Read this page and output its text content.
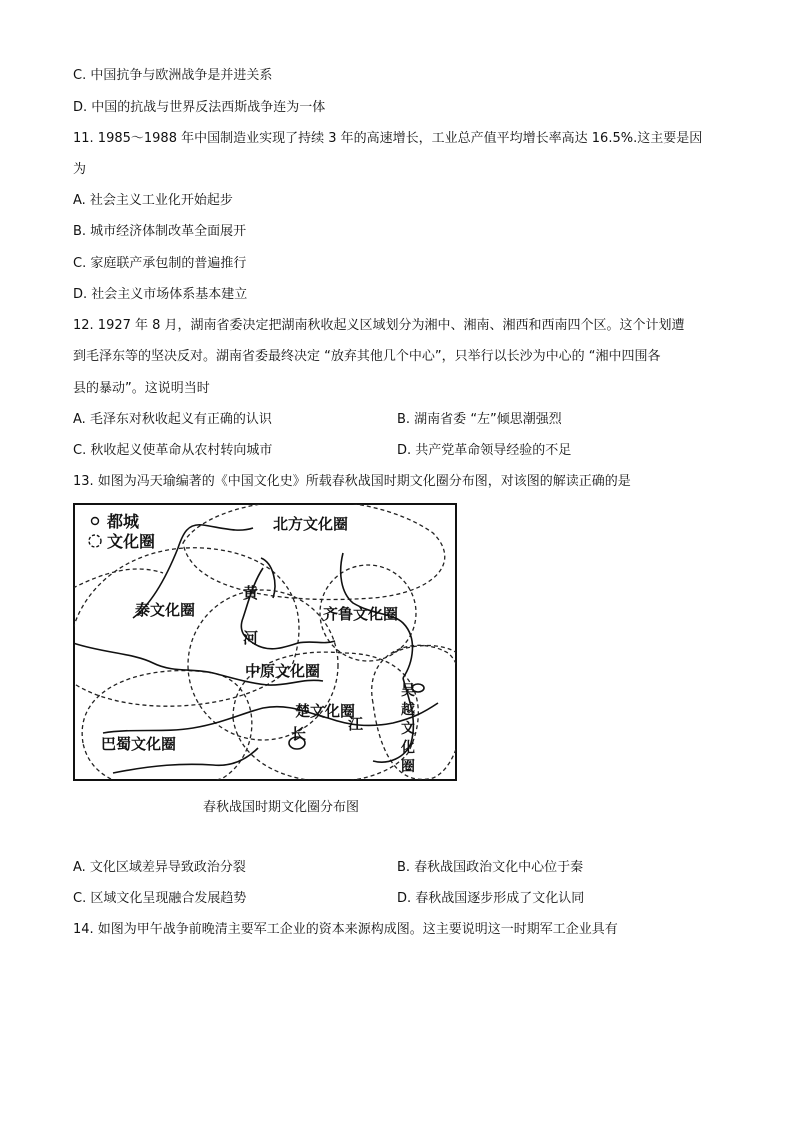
C. 中国抗争与欧洲战争是并进关系
D. 中国的抗战与世界反法西斯战争连为一体
11. 1985～1988 年中国制造业实现了持续 3 年的高速增长，工业总产值平均增长率高达 16.5%.这主要是因
为
A. 社会主义工业化开始起步
B. 城市经济体制改革全面展开
C. 家庭联产承包制的普遍推行
D. 社会主义市场体系基本建立
12. 1927 年 8 月，湖南省委决定把湖南秋收起义区域划分为湘中、湘南、湘西和西南四个区。这个计划遭
到毛泽东等的坚决反对。湖南省委最终决定 “放弃其他几个中心”，只举行以长沙为中心的 “湘中四围各
县的暴动”。这说明当时
A. 毛泽东对秋收起义有正确的认识	B. 湖南省委 “左”倾思潮强烈
C. 秋收起义使革命从农村转向城市	D. 共产党革命领导经验的不足
13. 如图为冯天瑜编著的《中国文化史》所载春秋战国时期文化圈分布图，对该图的解读正确的是
都城
文化圈
北方文化圈
泰文化圈	齐鲁文化圈
中原文化圈
楚文化圈
巴蜀文化圈
黄
河
江
长
吴
越
文
化
圈
春秋战国时期文化圈分布图
A. 文化区域差异导致政治分裂	B. 春秋战国政治文化中心位于秦
C. 区域文化呈现融合发展趋势	D. 春秋战国逐步形成了文化认同
14. 如图为甲午战争前晚清主要军工企业的资本来源构成图。这主要说明这一时期军工企业具有
